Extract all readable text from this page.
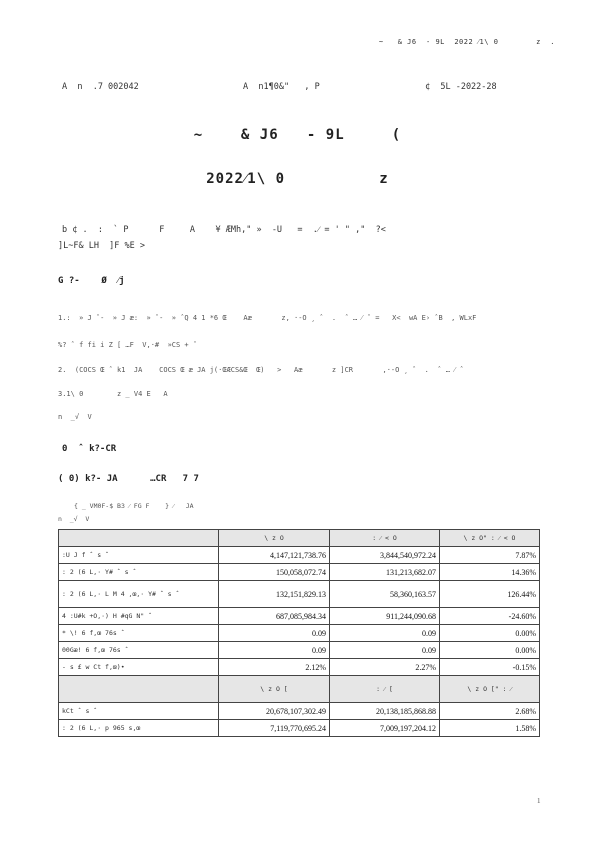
~   & J6  - 9L  2022 ⁄1\ 0        z  .
A  n  .7 002042	A  n1¶0&"   , P	¢  5L -2022-28
~    & J6   - 9L     (
2022⁄1\ 0          z
b ¢ .  :  ` P      F     A    ¥ ÆMh," »  -U   =  .⁄ = ' " ,"  ?<
]L~F& LH  ]F %E >
G ?-    Ø  ⁄j
1.:  » J ˆ-  » J æ:  » ˆ-  » ˆQ 4 1 *6 Œ    Aæ       z, ·-O ¸ ˆ  .  ˆ … ⁄ ˆ =   X<  wA E› ˆB  , WLxF
%? ˆ f fi i Z [ …F  V,·#  »CS + ˆ
2.  (COCS Œ ˆ k1  JA    COCS Œ æ JA j(·ŒÆCS&Œ  Œ)   >   Aæ       z ]CR       ,·-O ¸ ˆ  .  ˆ … ⁄ ˆ
3.1\ 0        z _ V4 E   A
n  _√  V
0  ˆ k?-CR
( 0) k?- JA      …CR   7 7
{ _ VM0F-$ B3 ⁄ FG F    } ⁄   JA
n  _√  V
	\ z O	: ⁄ < O	\ z O" : ⁄ < O
:U J f ˆ s ˆ	4,147,121,738.76	3,844,540,972.24	7.87%
: 2 (6 L,· Y# ˆ s ˆ	150,058,072.74	131,213,682.07	14.36%
: 2 (6 L,· L M 4 ,œ,· Y# ˆ s ˆ	132,151,829.13	58,360,163.57	126.44%
4 :U#k +O,·) H #qG N" ˆ	687,085,984.34	911,244,090.68	-24.60%
* \! 6 f,œ 76s ˆ	0.09	0.09	0.00%
00Gæ! 6 f,œ 76s ˆ	0.09	0.09	0.00%
- s £ w Ct f,œ)•	2.12%	2.27%	-0.15%
	\ z O [	: ⁄ [	\ z O [" : ⁄
kCt ˆ s ˆ	20,678,107,302.49	20,138,185,868.88	2.68%
: 2 (6 L,· p 965 s,œ	7,119,770,695.24	7,009,197,204.12	1.58%
1
